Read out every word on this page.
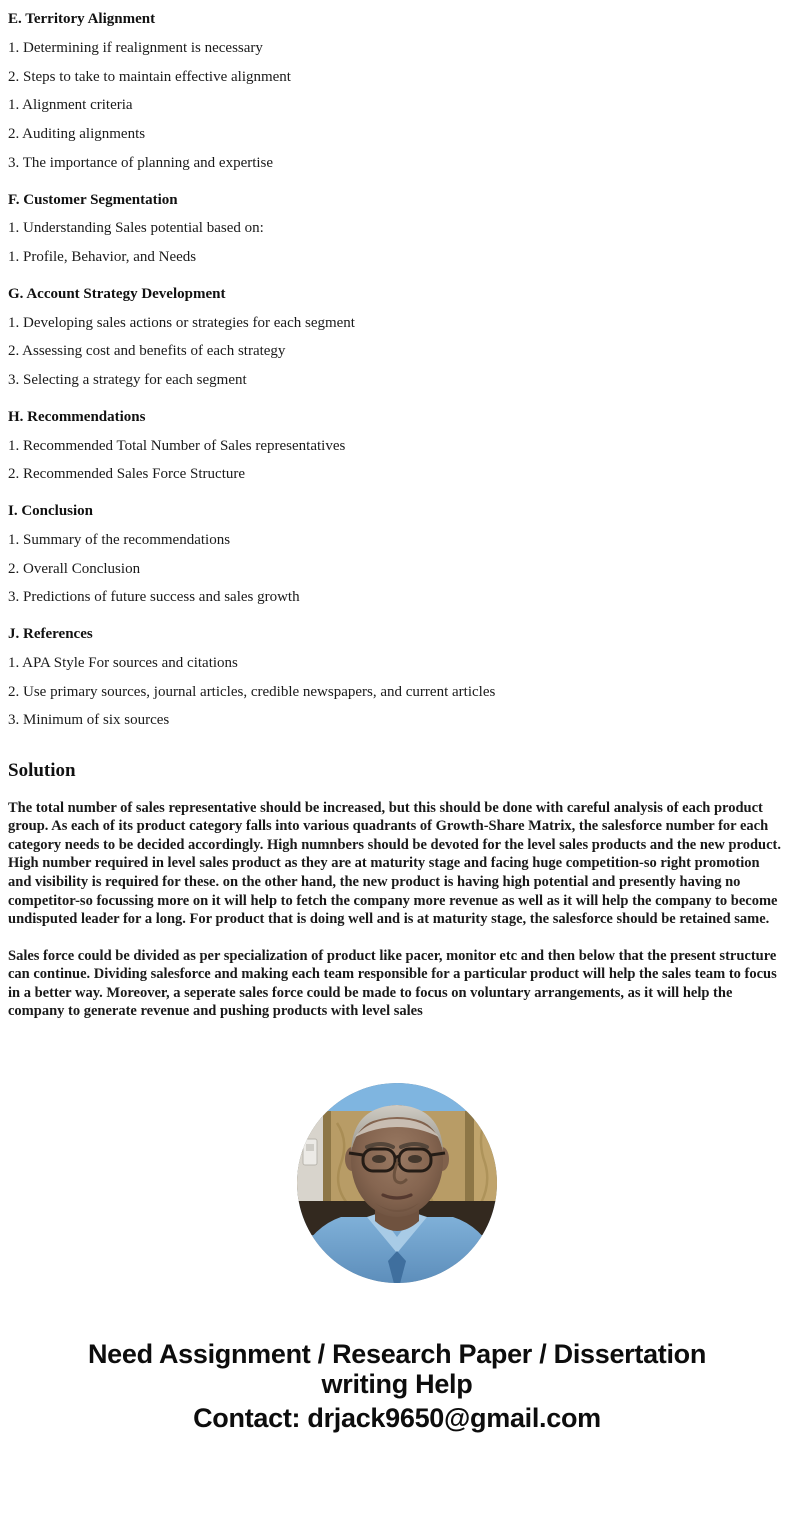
E. Territory Alignment

1. Determining if realignment is necessary

2. Steps to take to maintain effective alignment

1. Alignment criteria

2. Auditing alignments

3. The importance of planning and expertise

F. Customer Segmentation

1. Understanding Sales potential based on:

1. Profile, Behavior, and Needs

G. Account Strategy Development

1. Developing sales actions or strategies for each segment

2. Assessing cost and benefits of each strategy

3. Selecting a strategy for each segment

H. Recommendations

1. Recommended Total Number of Sales representatives

2. Recommended Sales Force Structure

I. Conclusion

1. Summary of the recommendations

2. Overall Conclusion

3. Predictions of future success and sales growth

J. References

1. APA Style For sources and citations

2. Use primary sources, journal articles, credible newspapers, and current articles

3. Minimum of six sources

Solution

The total number of sales representative should be increased, but this should be done with careful analysis of each product group. As each of its product category falls into various quadrants of Growth-Share Matrix, the salesforce number for each category needs to be decided accordingly. High numnbers should be devoted for the level sales products and the new product. High number required in level sales product as they are at maturity stage and facing huge competition-so right promotion and visibility is required for these. on the other hand, the new product is having high potential and presently having no competitor-so focussing more on it will help to fetch the company more revenue as well as it will help the company to become undisputed leader for a long. For product that is doing well and is at maturity stage, the salesforce should be retained same.

Sales force could be divided as per specialization of product like pacer, monitor etc and then below that the present structure can continue. Dividing salesforce and making each team responsible for a particular product will help the sales team to focus in a better way. Moreover, a seperate sales force could be made to focus on voluntary arrangements, as it will help the company to generate revenue and pushing products with level sales

Need Assignment / Research Paper / Dissertation
writing Help
Contact: drjack9650@gmail.com
